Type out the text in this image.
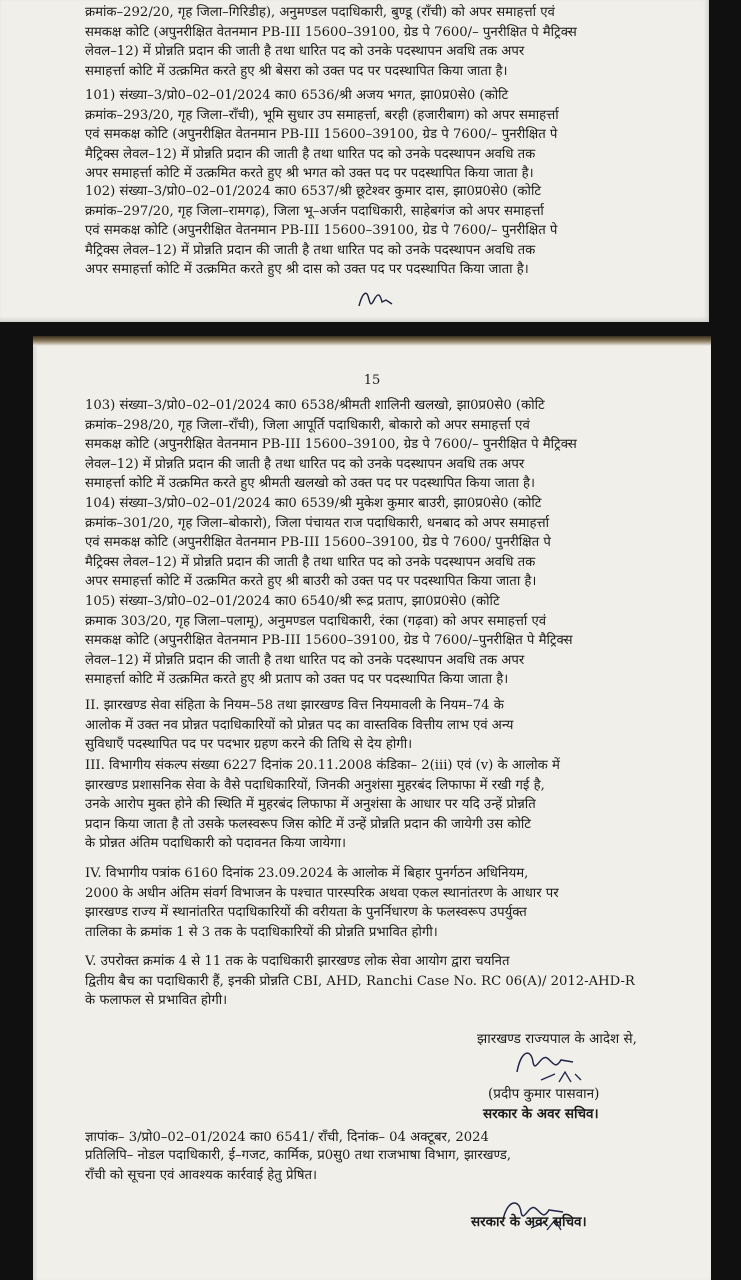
क्रमांक–292/20, गृह जिला–गिरिडीह), अनुमण्डल पदाधिकारी, बुण्डू (राँची) को अपर समाहर्त्ता एवं
समकक्ष कोटि (अपुनरीक्षित वेतनमान PB-III 15600–39100, ग्रेड पे 7600/– पुनरीक्षित पे मैट्रिक्स
लेवल–12) में प्रोन्नति प्रदान की जाती है तथा धारित पद को उनके पदस्थापन अवधि तक अपर
समाहर्त्ता कोटि में उत्क्रमित करते हुए श्री बेसरा को उक्त पद पर पदस्थापित किया जाता है।
101) संख्या–3/प्रो0–02–01/2024 का0 6536/श्री अजय भगत, झा0प्र0से0 (कोटि
क्रमांक–293/20, गृह जिला–राँची), भूमि सुधार उप समाहर्त्ता, बरही (हजारीबाग) को अपर समाहर्त्ता
एवं समकक्ष कोटि (अपुनरीक्षित वेतनमान PB-III 15600–39100, ग्रेड पे 7600/– पुनरीक्षित पे
मैट्रिक्स लेवल–12) में प्रोन्नति प्रदान की जाती है तथा धारित पद को उनके पदस्थापन अवधि तक
अपर समाहर्त्ता कोटि में उत्क्रमित करते हुए श्री भगत को उक्त पद पर पदस्थापित किया जाता है।
102) संख्या–3/प्रो0–02–01/2024 का0 6537/श्री छूटेश्वर कुमार दास, झा0प्र0से0 (कोटि
क्रमांक–297/20, गृह जिला–रामगढ़), जिला भू–अर्जन पदाधिकारी, साहेबगंज को अपर समाहर्त्ता
एवं समकक्ष कोटि (अपुनरीक्षित वेतनमान PB-III 15600–39100, ग्रेड पे 7600/– पुनरीक्षित पे
मैट्रिक्स लेवल–12) में प्रोन्नति प्रदान की जाती है तथा धारित पद को उनके पदस्थापन अवधि तक
अपर समाहर्त्ता कोटि में उत्क्रमित करते हुए श्री दास को उक्त पद पर पदस्थापित किया जाता है।
15
103) संख्या–3/प्रो0–02–01/2024 का0 6538/श्रीमती शालिनी खलखो, झा0प्र0से0 (कोटि
क्रमांक–298/20, गृह जिला–राँची), जिला आपूर्ति पदाधिकारी, बोकारो को अपर समाहर्त्ता एवं
समकक्ष कोटि (अपुनरीक्षित वेतनमान PB-III 15600–39100, ग्रेड पे 7600/– पुनरीक्षित पे मैट्रिक्स
लेवल–12) में प्रोन्नति प्रदान की जाती है तथा धारित पद को उनके पदस्थापन अवधि तक अपर
समाहर्त्ता कोटि में उत्क्रमित करते हुए श्रीमती खलखो को उक्त पद पर पदस्थापित किया जाता है।
104) संख्या–3/प्रो0–02–01/2024 का0 6539/श्री मुकेश कुमार बाउरी, झा0प्र0से0 (कोटि
क्रमांक–301/20, गृह जिला–बोकारो), जिला पंचायत राज पदाधिकारी, धनबाद को अपर समाहर्त्ता
एवं समकक्ष कोटि (अपुनरीक्षित वेतनमान PB-III 15600–39100, ग्रेड पे 7600/ पुनरीक्षित पे
मैट्रिक्स लेवल–12) में प्रोन्नति प्रदान की जाती है तथा धारित पद को उनके पदस्थापन अवधि तक
अपर समाहर्त्ता कोटि में उत्क्रमित करते हुए श्री बाउरी को उक्त पद पर पदस्थापित किया जाता है।
105) संख्या–3/प्रो0–02–01/2024 का0 6540/श्री रूद्र प्रताप, झा0प्र0से0 (कोटि
क्रमाक 303/20, गृह जिला–पलामू), अनुमण्डल पदाधिकारी, रंका (गढ़वा) को अपर समाहर्त्ता एवं
समकक्ष कोटि (अपुनरीक्षित वेतनमान PB-III 15600–39100, ग्रेड पे 7600/–पुनरीक्षित पे मैट्रिक्स
लेवल–12) में प्रोन्नति प्रदान की जाती है तथा धारित पद को उनके पदस्थापन अवधि तक अपर
समाहर्त्ता कोटि में उत्क्रमित करते हुए श्री प्रताप को उक्त पद पर पदस्थापित किया जाता है।
II. झारखण्ड सेवा संहिता के नियम–58 तथा झारखण्ड वित्त नियमावली के नियम–74 के
आलोक में उक्त नव प्रोन्नत पदाधिकारियों को प्रोन्नत पद का वास्तविक वित्तीय लाभ एवं अन्य
सुविधाएँ पदस्थापित पद पर पदभार ग्रहण करने की तिथि से देय होगी।
III. विभागीय संकल्प संख्या 6227 दिनांक 20.11.2008 कंडिका– 2(iii) एवं (v) के आलोक में
झारखण्ड प्रशासनिक सेवा के वैसे पदाधिकारियों, जिनकी अनुशंसा मुहरबंद लिफाफा में रखी गई है,
उनके आरोप मुक्त होने की स्थिति में मुहरबंद लिफाफा में अनुशंसा के आधार पर यदि उन्हें प्रोन्नति
प्रदान किया जाता है तो उसके फलस्वरूप जिस कोटि में उन्हें प्रोन्नति प्रदान की जायेगी उस कोटि
के प्रोन्नत अंतिम पदाधिकारी को पदावनत किया जायेगा।
IV. विभागीय पत्रांक 6160 दिनांक 23.09.2024 के आलोक में बिहार पुनर्गठन अधिनियम,
2000 के अधीन अंतिम संवर्ग विभाजन के पश्चात पारस्परिक अथवा एकल स्थानांतरण के आधार पर
झारखण्ड राज्य में स्थानांतरित पदाधिकारियों की वरीयता के पुनर्निधारण के फलस्वरूप उपर्युक्त
तालिका के क्रमांक 1 से 3 तक के पदाधिकारियों की प्रोन्नति प्रभावित होगी।
V. उपरोक्त क्रमांक 4 से 11 तक के पदाधिकारी झारखण्ड लोक सेवा आयोग द्वारा चयनित
द्वितीय बैच का पदाधिकारी हैं, इनकी प्रोन्नति CBI, AHD, Ranchi Case No. RC 06(A)/ 2012-AHD-R
के फलाफल से प्रभावित होगी।
झारखण्ड राज्यपाल के आदेश से,
(प्रदीप कुमार पासवान)
सरकार के अवर सचिव।
ज्ञापांक– 3/प्रो0–02–01/2024 का0 6541/ राँची, दिनांक– 04 अक्टूबर, 2024
प्रतिलिपि– नोडल पदाधिकारी, ई–गजट, कार्मिक, प्र0सु0 तथा राजभाषा विभाग, झारखण्ड,
राँची को सूचना एवं आवश्यक कार्रवाई हेतु प्रेषित।
सरकार के अवर सचिव।
